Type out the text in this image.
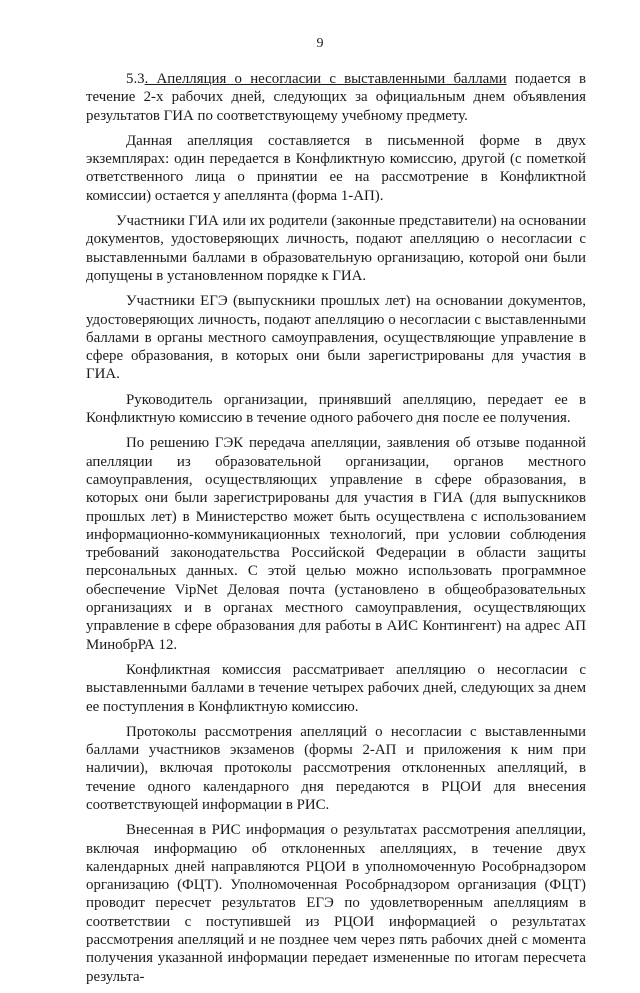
9

5.3. Апелляция о несогласии с выставленными баллами подается в течение 2-х рабочих дней, следующих за официальным днем объявления результатов ГИА по соответствующему учебному предмету.

Данная апелляция составляется в письменной форме в двух экземплярах: один передается в Конфликтную комиссию, другой (с пометкой ответственного лица о принятии ее на рассмотрение в Конфликтной комиссии) остается у апеллянта (форма 1-АП).

Участники ГИА или их родители (законные представители) на основании документов, удостоверяющих личность, подают апелляцию о несогласии с выставленными баллами в образовательную организацию, которой они были допущены в установленном порядке к ГИА.

Участники ЕГЭ (выпускники прошлых лет) на основании документов, удостоверяющих личность, подают апелляцию о несогласии с выставленными баллами в органы местного самоуправления, осуществляющие управление в сфере образования, в которых они были зарегистрированы для участия в ГИА.

Руководитель организации, принявший апелляцию, передает ее в Конфликтную комиссию в течение одного рабочего дня после ее получения.

По решению ГЭК передача апелляции, заявления об отзыве поданной апелляции из образовательной организации, органов местного самоуправления, осуществляющих управление в сфере образования, в которых они были зарегистрированы для участия в ГИА (для выпускников прошлых лет) в Министерство может быть осуществлена с использованием информационно-коммуникационных технологий, при условии соблюдения требований законодательства Российской Федерации в области защиты персональных данных. С этой целью можно использовать программное обеспечение VipNet Деловая почта (установлено в общеобразовательных организациях и в органах местного самоуправления, осуществляющих управление в сфере образования для работы в АИС Контингент) на адрес АП МинобрРА 12.

Конфликтная комиссия рассматривает апелляцию о несогласии с выставленными баллами в течение четырех рабочих дней, следующих за днем ее поступления в Конфликтную комиссию.

Протоколы рассмотрения апелляций о несогласии с выставленными баллами участников экзаменов (формы 2-АП и приложения к ним при наличии), включая протоколы рассмотрения отклоненных апелляций, в течение одного календарного дня передаются в РЦОИ для внесения соответствующей информации в РИС.

Внесенная в РИС информация о результатах рассмотрения апелляции, включая информацию об отклоненных апелляциях, в течение двух календарных дней направляются РЦОИ в уполномоченную Рособрнадзором организацию (ФЦТ). Уполномоченная Рособрнадзором организация (ФЦТ) проводит пересчет результатов ЕГЭ по удовлетворенным апелляциям в соответствии с поступившей из РЦОИ информацией о результатах рассмотрения апелляций и не позднее чем через пять рабочих дней с момента получения указанной информации передает измененные по итогам пересчета результа-
